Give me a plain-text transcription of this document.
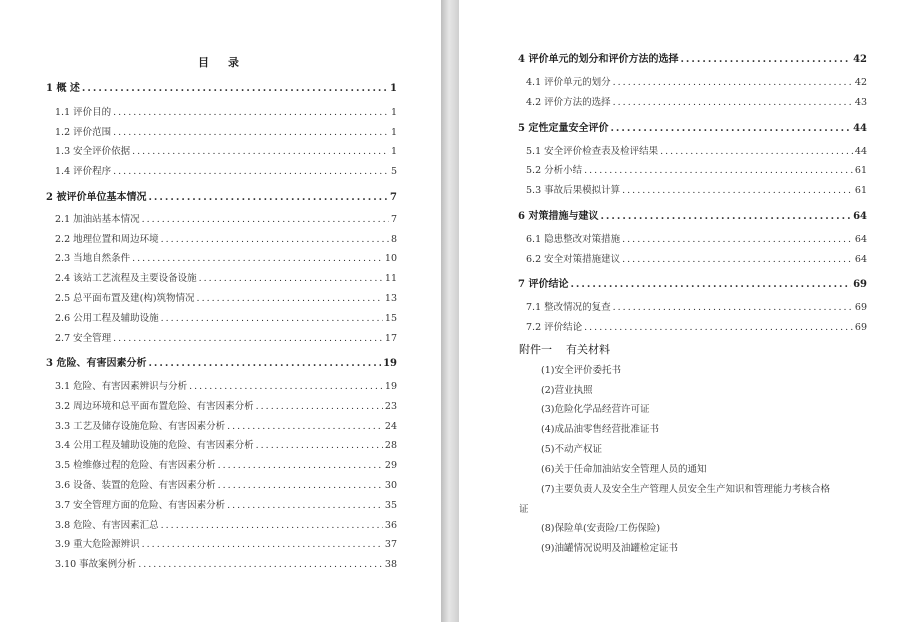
目　录
1 概 述 .....	1
1.1 评价目的 .....	1
1.2 评价范围 .....	1
1.3 安全评价依据 .....	1
1.4 评价程序 .....	5
2 被评价单位基本情况 .....	7
2.1 加油站基本情况 .....	7
2.2 地理位置和周边环境 .....	8
2.3 当地自然条件 .....	10
2.4 该站工艺流程及主要设备设施 .....	11
2.5 总平面布置及建(构)筑物情况 .....	13
2.6 公用工程及辅助设施 .....	15
2.7 安全管理 .....	17
3 危险、有害因素分析 .....	19
3.1 危险、有害因素辨识与分析 .....	19
3.2 周边环境和总平面布置危险、有害因素分析 .....	23
3.3 工艺及储存设施危险、有害因素分析 .....	24
3.4 公用工程及辅助设施的危险、有害因素分析 .....	28
3.5 检维修过程的危险、有害因素分析 .....	29
3.6 设备、装置的危险、有害因素分析 .....	30
3.7 安全管理方面的危险、有害因素分析 .....	35
3.8 危险、有害因素汇总 .....	36
3.9 重大危险源辨识 .....	37
3.10 事故案例分析 .....	38
4 评价单元的划分和评价方法的选择 .....	42
4.1 评价单元的划分 .....	42
4.2 评价方法的选择 .....	43
5 定性定量安全评价 .....	44
5.1 安全评价检查表及检评结果 .....	44
5.2 分析小结 .....	61
5.3 事故后果模拟计算 .....	61
6 对策措施与建议 .....	64
6.1 隐患整改对策措施 .....	64
6.2 安全对策措施建议 .....	64
7 评价结论 .....	69
7.1 整改情况的复查 .....	69
7.2 评价结论 .....	69
附件一 有关材料
(1)安全评价委托书
(2)营业执照
(3)危险化学品经营许可证
(4)成品油零售经营批准证书
(5)不动产权证
(6)关于任命加油站安全管理人员的通知
(7)主要负责人及安全生产管理人员安全生产知识和管理能力考核合格
(8)保险单(安责险/工伤保险)
(9)油罐情况说明及油罐检定证书
证
